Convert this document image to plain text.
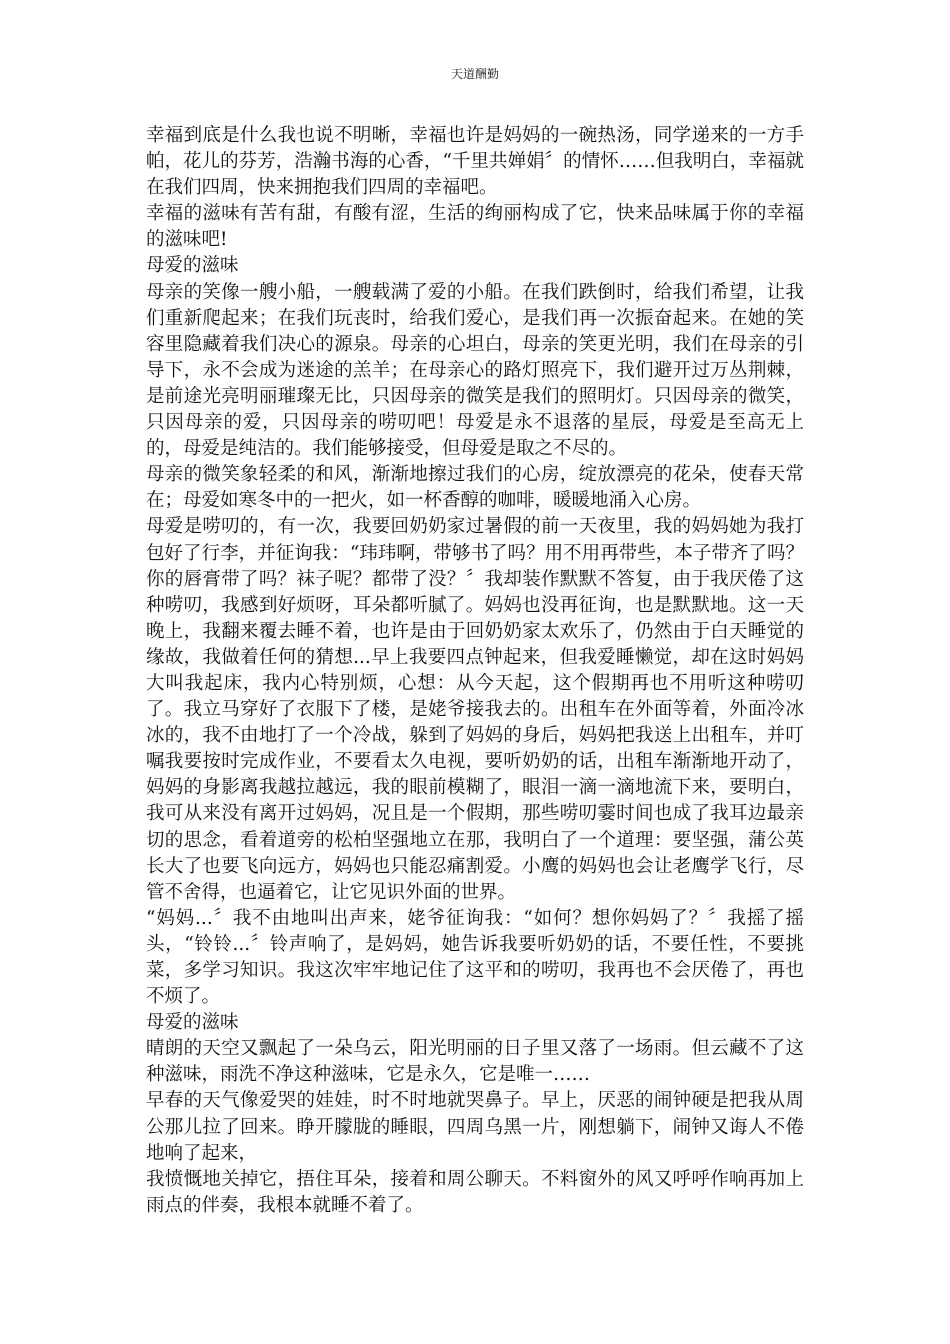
天道酬勤

幸福到底是什么我也说不明晰，幸福也许是妈妈的一碗热汤，同学递来的一方手帕，花儿的芬芳，浩瀚书海的心香，“千里共婵娟〞的情怀……但我明白，幸福就在我们四周，快来拥抱我们四周的幸福吧。

幸福的滋味有苦有甜，有酸有涩，生活的绚丽构成了它，快来品味属于你的幸福的滋味吧!

母爱的滋味

母亲的笑像一艘小船，一艘载满了爱的小船。在我们跌倒时，给我们希望，让我们重新爬起来；在我们玩丧时，给我们爱心，是我们再一次振奋起来。在她的笑容里隐藏着我们决心的源泉。母亲的心坦白，母亲的笑更光明，我们在母亲的引导下，永不会成为迷途的羔羊；在母亲心的路灯照亮下，我们避开过万丛荆棘，是前途光亮明丽璀璨无比，只因母亲的微笑是我们的照明灯。只因母亲的微笑，只因母亲的爱，只因母亲的唠叨吧！母爱是永不退落的星辰，母爱是至高无上的，母爱是纯洁的。我们能够接受，但母爱是取之不尽的。

母亲的微笑象轻柔的和风，渐渐地擦过我们的心房，绽放漂亮的花朵，使春天常在；母爱如寒冬中的一把火，如一杯香醇的咖啡，暖暖地涌入心房。

母爱是唠叨的，有一次，我要回奶奶家过暑假的前一天夜里，我的妈妈她为我打包好了行李，并征询我：“玮玮啊，带够书了吗？用不用再带些，本子带齐了吗？你的唇膏带了吗？袜子呢？都带了没？〞我却装作默默不答复，由于我厌倦了这种唠叨，我感到好烦呀，耳朵都听腻了。妈妈也没再征询，也是默默地。这一天晚上，我翻来覆去睡不着，也许是由于回奶奶家太欢乐了，仍然由于白天睡觉的缘故，我做着任何的猜想...早上我要四点钟起来，但我爱睡懒觉，却在这时妈妈大叫我起床，我内心特别烦，心想：从今天起，这个假期再也不用听这种唠叨了。我立马穿好了衣服下了楼，是姥爷接我去的。出租车在外面等着，外面冷冰冰的，我不由地打了一个冷战，躲到了妈妈的身后，妈妈把我送上出租车，并叮嘱我要按时完成作业，不要看太久电视，要听奶奶的话，出租车渐渐地开动了，妈妈的身影离我越拉越远，我的眼前模糊了，眼泪一滴一滴地流下来，要明白，我可从来没有离开过妈妈，况且是一个假期，那些唠叨霎时间也成了我耳边最亲切的思念，看着道旁的松柏坚强地立在那，我明白了一个道理：要坚强，蒲公英长大了也要飞向远方，妈妈也只能忍痛割爱。小鹰的妈妈也会让老鹰学飞行，尽管不舍得，也逼着它，让它见识外面的世界。

“妈妈...〞我不由地叫出声来，姥爷征询我：“如何？想你妈妈了？〞我摇了摇头，“铃铃...〞铃声响了，是妈妈，她告诉我要听奶奶的话，不要任性，不要挑菜，多学习知识。我这次牢牢地记住了这平和的唠叨，我再也不会厌倦了，再也不烦了。

母爱的滋味

晴朗的天空又飘起了一朵乌云，阳光明丽的日子里又落了一场雨。但云藏不了这种滋味，雨洗不净这种滋味，它是永久，它是唯一……

早春的天气像爱哭的娃娃，时不时地就哭鼻子。早上，厌恶的闹钟硬是把我从周公那儿拉了回来。睁开朦胧的睡眼，四周乌黑一片，刚想躺下，闹钟又诲人不倦地响了起来，

我愤慨地关掉它，捂住耳朵，接着和周公聊天。不料窗外的风又呼呼作响再加上雨点的伴奏，我根本就睡不着了。
